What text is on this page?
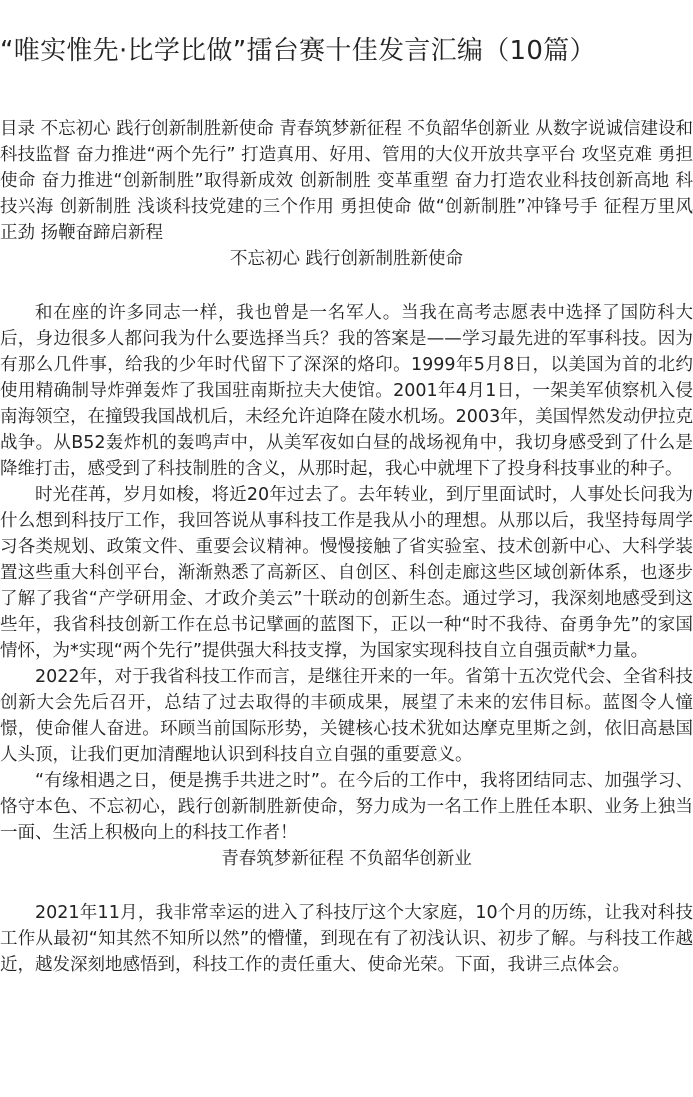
“唯实惟先·比学比做”擂台赛十佳发言汇编（10篇）
目录 不忘初心 践行创新制胜新使命 青春筑梦新征程 不负韶华创新业 从数字说诚信建设和科技监督 奋力推进“两个先行” 打造真用、好用、管用的大仪开放共享平台 攻坚克难 勇担使命 奋力推进“创新制胜”取得新成效 创新制胜 变革重塑 奋力打造农业科技创新高地 科技兴海 创新制胜 浅谈科技党建的三个作用 勇担使命 做“创新制胜”冲锋号手 征程万里风正劲 扬鞭奋蹄启新程
不忘初心 践行创新制胜新使命

和在座的许多同志一样，我也曾是一名军人。当我在高考志愿表中选择了国防科大后，身边很多人都问我为什么要选择当兵？我的答案是——学习最先进的军事科技。因为有那么几件事，给我的少年时代留下了深深的烙印。1999年5月8日，以美国为首的北约使用精确制导炸弹轰炸了我国驻南斯拉夫大使馆。2001年4月1日，一架美军侦察机入侵南海领空，在撞毁我国战机后，未经允许迫降在陵水机场。2003年，美国悍然发动伊拉克战争。从B52轰炸机的轰鸣声中，从美军夜如白昼的战场视角中，我切身感受到了什么是降维打击，感受到了科技制胜的含义，从那时起，我心中就埋下了投身科技事业的种子。

时光荏苒，岁月如梭，将近20年过去了。去年转业，到厅里面试时，人事处长问我为什么想到科技厅工作，我回答说从事科技工作是我从小的理想。从那以后，我坚持每周学习各类规划、政策文件、重要会议精神。慢慢接触了省实验室、技术创新中心、大科学装置这些重大科创平台，渐渐熟悉了高新区、自创区、科创走廊这些区域创新体系，也逐步了解了我省“产学研用金、才政介美云”十联动的创新生态。通过学习，我深刻地感受到这些年，我省科技创新工作在总书记擘画的蓝图下，正以一种“时不我待、奋勇争先”的家国情怀，为*实现“两个先行”提供强大科技支撑，为国家实现科技自立自强贡献*力量。

2022年，对于我省科技工作而言，是继往开来的一年。省第十五次党代会、全省科技创新大会先后召开，总结了过去取得的丰硕成果，展望了未来的宏伟目标。蓝图令人憧憬，使命催人奋进。环顾当前国际形势，关键核心技术犹如达摩克里斯之剑，依旧高悬国人头顶，让我们更加清醒地认识到科技自立自强的重要意义。

“有缘相遇之日，便是携手共进之时”。在今后的工作中，我将团结同志、加强学习、恪守本色、不忘初心，践行创新制胜新使命，努力成为一名工作上胜任本职、业务上独当一面、生活上积极向上的科技工作者！

青春筑梦新征程 不负韶华创新业

2021年11月，我非常幸运的进入了科技厅这个大家庭，10个月的历练，让我对科技工作从最初“知其然不知所以然”的懵懂，到现在有了初浅认识、初步了解。与科技工作越近，越发深刻地感悟到，科技工作的责任重大、使命光荣。下面，我讲三点体会。
